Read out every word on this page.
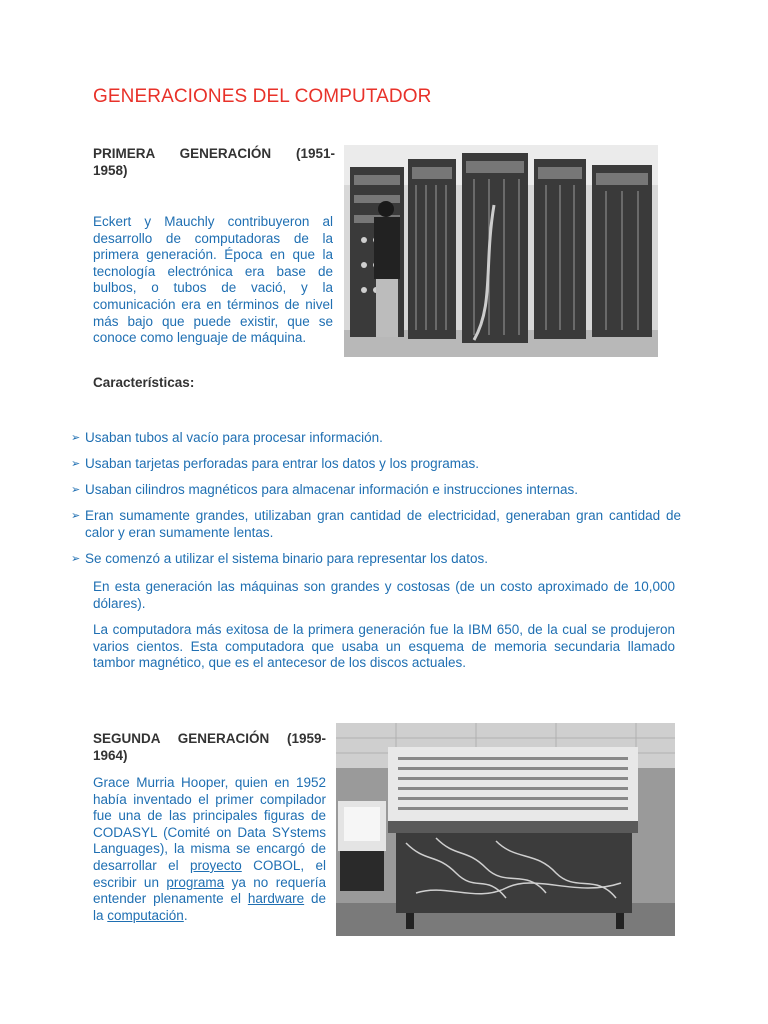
GENERACIONES DEL COMPUTADOR
PRIMERA GENERACIÓN (1951-
1958)
Eckert y Mauchly contribuyeron al desarrollo de computadoras de la primera generación. Época en que la tecnología electrónica era base de bulbos, o tubos de vació, y la comunicación era en términos de nivel más bajo que puede existir, que se conoce como lenguaje de máquina.
Características:
➢ Usaban tubos al vacío para procesar información.
➢ Usaban tarjetas perforadas para entrar los datos y los programas.
➢ Usaban cilindros magnéticos para almacenar información e instrucciones internas.
➢ Eran sumamente grandes, utilizaban gran cantidad de electricidad, generaban gran cantidad de calor y eran sumamente lentas.
➢ Se comenzó a utilizar el sistema binario para representar los datos.
En esta generación las máquinas son grandes y costosas (de un costo aproximado de 10,000 dólares).
La computadora más exitosa de la primera generación fue la IBM 650, de la cual se produjeron varios cientos. Esta computadora que usaba un esquema de memoria secundaria llamado tambor magnético, que es el antecesor de los discos actuales.
SEGUNDA GENERACIÓN (1959-
1964)
Grace Murria Hooper, quien en 1952 había inventado el primer compilador fue una de las principales figuras de CODASYL (Comité on Data SYstems Languages), la misma se encargó de desarrollar el proyecto COBOL, el escribir un programa ya no requería entender plenamente el hardware de la computación.
